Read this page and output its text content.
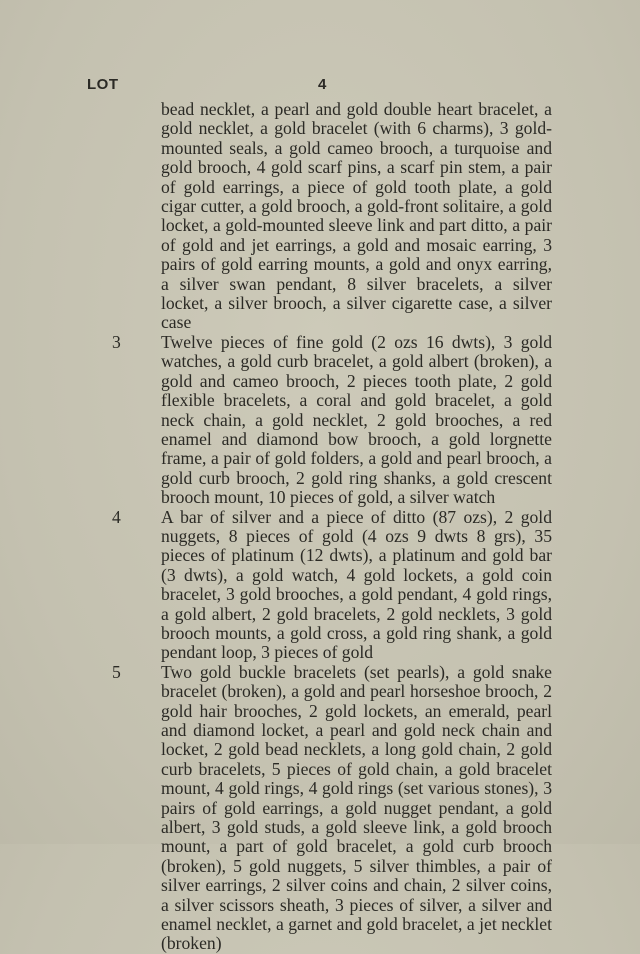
LOT	4
bead necklet, a pearl and gold double heart bracelet, a gold necklet, a gold bracelet (with 6 charms), 3 gold-mounted seals, a gold cameo brooch, a turquoise and gold brooch, 4 gold scarf pins, a scarf pin stem, a pair of gold earrings, a piece of gold tooth plate, a gold cigar cutter, a gold brooch, a gold-front solitaire, a gold locket, a gold-mounted sleeve link and part ditto, a pair of gold and jet earrings, a gold and mosaic earring, 3 pairs of gold earring mounts, a gold and onyx earring, a silver swan pendant, 8 silver bracelets, a silver locket, a silver brooch, a silver cigarette case, a silver case
3	Twelve pieces of fine gold (2 ozs 16 dwts), 3 gold watches, a gold curb bracelet, a gold albert (broken), a gold and cameo brooch, 2 pieces tooth plate, 2 gold flexible bracelets, a coral and gold bracelet, a gold neck chain, a gold necklet, 2 gold brooches, a red enamel and diamond bow brooch, a gold lorgnette frame, a pair of gold folders, a gold and pearl brooch, a gold curb brooch, 2 gold ring shanks, a gold crescent brooch mount, 10 pieces of gold, a silver watch
4	A bar of silver and a piece of ditto (87 ozs), 2 gold nuggets, 8 pieces of gold (4 ozs 9 dwts 8 grs), 35 pieces of platinum (12 dwts), a platinum and gold bar (3 dwts), a gold watch, 4 gold lockets, a gold coin bracelet, 3 gold brooches, a gold pendant, 4 gold rings, a gold albert, 2 gold bracelets, 2 gold necklets, 3 gold brooch mounts, a gold cross, a gold ring shank, a gold pendant loop, 3 pieces of gold
5	Two gold buckle bracelets (set pearls), a gold snake bracelet (broken), a gold and pearl horseshoe brooch, 2 gold hair brooches, 2 gold lockets, an emerald, pearl and diamond locket, a pearl and gold neck chain and locket, 2 gold bead necklets, a long gold chain, 2 gold curb bracelets, 5 pieces of gold chain, a gold bracelet mount, 4 gold rings, 4 gold rings (set various stones), 3 pairs of gold earrings, a gold nugget pendant, a gold albert, 3 gold studs, a gold sleeve link, a gold brooch mount, a part of gold bracelet, a gold curb brooch (broken), 5 gold nuggets, 5 silver thimbles, a pair of silver earrings, 2 silver coins and chain, 2 silver coins, a silver scissors sheath, 3 pieces of silver, a silver and enamel necklet, a garnet and gold bracelet, a jet necklet (broken)
